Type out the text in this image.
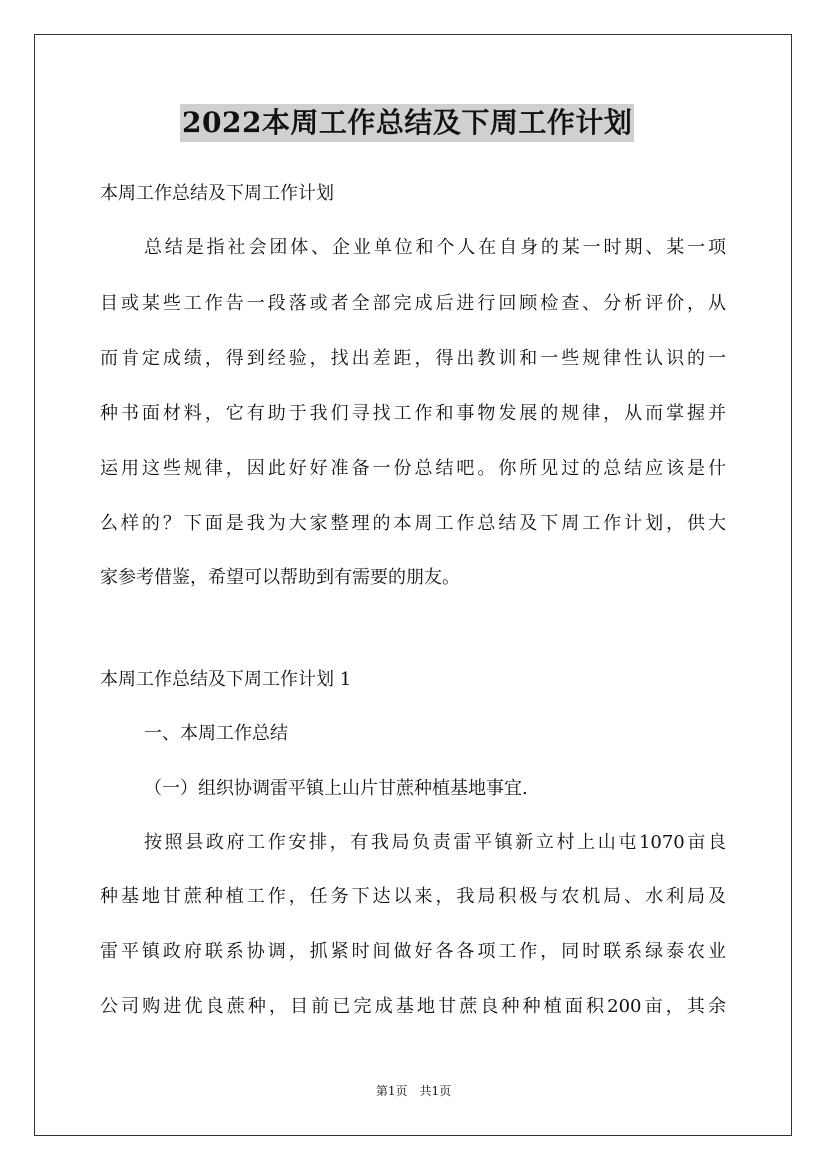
2022本周工作总结及下周工作计划
本周工作总结及下周工作计划
总结是指社会团体、企业单位和个人在自身的某一时期、某一项
目或某些工作告一段落或者全部完成后进行回顾检查、分析评价，从
而肯定成绩，得到经验，找出差距，得出教训和一些规律性认识的一
种书面材料，它有助于我们寻找工作和事物发展的规律，从而掌握并
运用这些规律，因此好好准备一份总结吧。你所见过的总结应该是什
么样的？下面是我为大家整理的本周工作总结及下周工作计划，供大
家参考借鉴，希望可以帮助到有需要的朋友。
本周工作总结及下周工作计划 1
一、本周工作总结
（一）组织协调雷平镇上山片甘蔗种植基地事宜.
按照县政府工作安排，有我局负责雷平镇新立村上山屯1070亩良
种基地甘蔗种植工作，任务下达以来，我局积极与农机局、水利局及
雷平镇政府联系协调，抓紧时间做好各各项工作，同时联系绿泰农业
公司购进优良蔗种，目前已完成基地甘蔗良种种植面积200亩，其余
第1页　共1页
